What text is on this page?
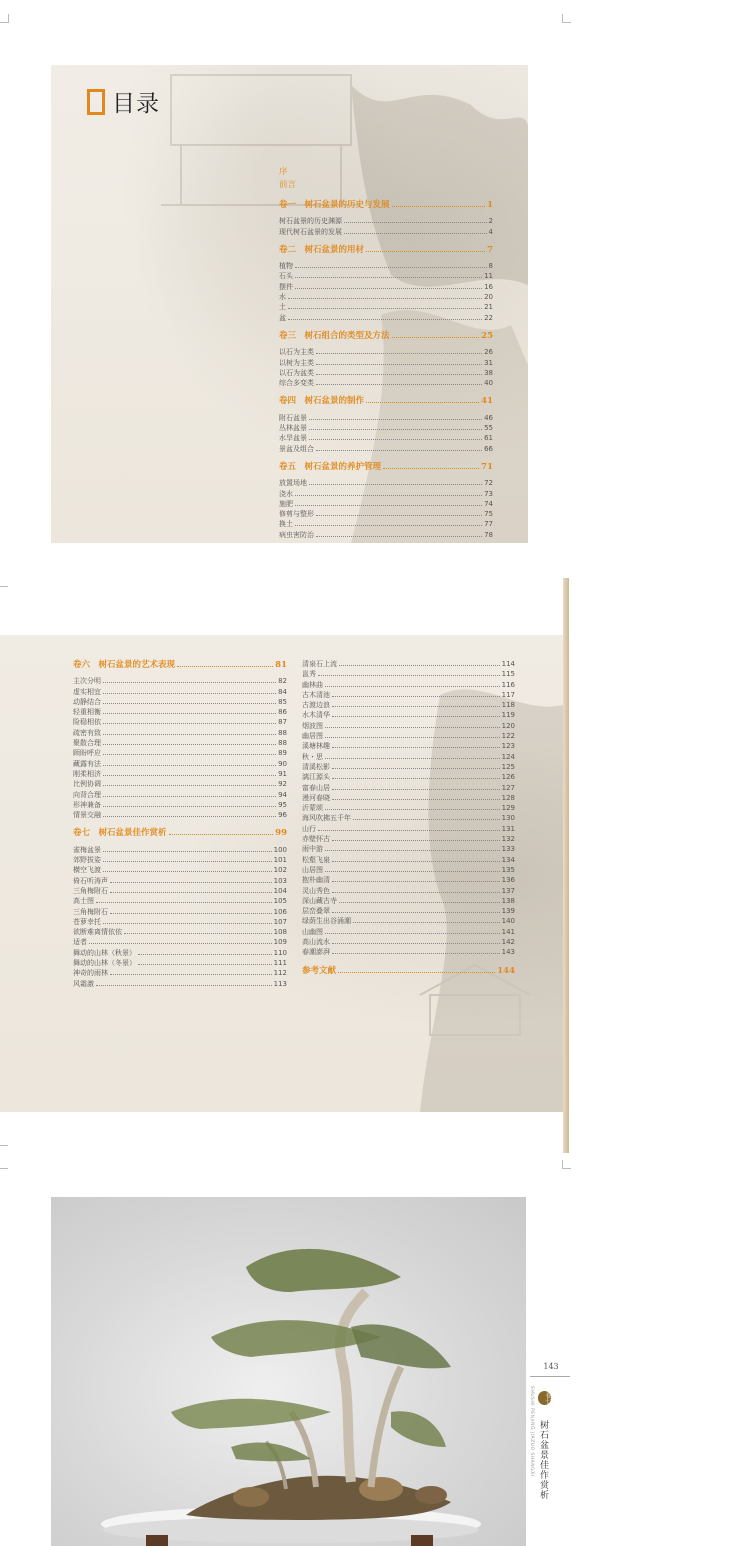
目录
序
前言
卷一　树石盆景的历史与发展	1
树石盆景的历史渊源	2
现代树石盆景的发展	4
卷二　树石盆景的用材	7
植物	8
石头	11
摆件	16
水	20
土	21
盆	22
卷三　树石组合的类型及方法	25
以石为主类	26
以树为主类	31
以石为盆类	38
综合多变类	40
卷四　树石盆景的制作	41
附石盆景	46
丛林盆景	55
水旱盆景	61
景盆及组合	66
卷五　树石盆景的养护管理	71
放置场地	72
浇水	73
施肥	74
修剪与整形	75
换土	77
病虫害防治	78
卷六　树石盆景的艺术表现	81
主次分明	82
虚实相宜	84
动静结合	85
轻重相衡	86
险稳相依	87
疏密有致	88
聚散合理	88
顾盼呼应	89
藏露有法	90
刚柔相济	91
比例协调	92
向背合理	94
形神兼备	95
情景交融	96
卷七　树石盆景佳作赏析	99
雀梅盆景	100
郊野拔姿	101
横空飞渡	102
倚石听涛声	103
三角梅附石	104
高士图	105
三角梅附石	106
苍萝幸托	107
欲断难离情依依	108
适者	109
舞动的山林（秋景）	110
舞动的山林（冬景）	111
神奇的雨林	112
风霜激	113
清泉石上流	114
邕秀	115
幽林曲	116
古木清池	117
古渡边浪	118
水木清华	119
烟波图	120
幽居图	122
溪塘林趣	123
秋・思	124
清溪松影	125
漓江源头	126
富春山居	127
漫河春晓	128
沂蒙颂	129
海风吹拂五千年	130
山行	131
赤壁怀古	132
雨中游	133
松壑飞泉	134
山居图	135
抱朴幽清	136
灵山秀色	137
深山藏古寺	138
层峦叠翠	139
绿荫生出谷涌潮	140
山幽图	141
高山流水	142
春潮澎湃	143
参考文献	144
143
SHUSHI PENJING JIAZUO SHANGXI	卷七
树石盆景佳作赏析
